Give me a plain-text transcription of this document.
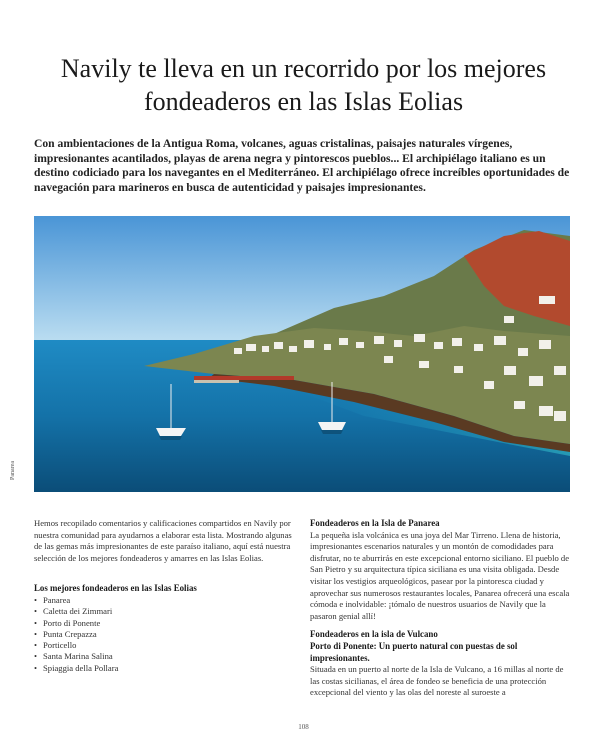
Navily te lleva en un recorrido por los mejores
fondeaderos en las Islas Eolias

Con ambientaciones de la Antigua Roma, volcanes, aguas cristalinas, paisajes naturales vírgenes, impresionantes acantilados, playas de arena negra y pintorescos pueblos... El archipiélago italiano es un destino codiciado para los navegantes en el Mediterráneo. El archipiélago ofrece increíbles oportunidades de navegación para marineros en busca de autenticidad y paisajes impresionantes.

Panarea

Hemos recopilado comentarios y calificaciones compartidos en Navily por nuestra comunidad para ayudarnos a elaborar esta lista. Mostrando algunas de las gemas más impresionantes de este paraíso italiano, aquí está nuestra selección de los mejores fondeaderos y amarres en las Islas Eolias.

Los mejores fondeaderos en las Islas Eolias

• Panarea
• Caletta dei Zimmari
• Porto di Ponente
• Punta Crepazza
• Porticello
• Santa Marina Salina
• Spiaggia della Pollara

Fondeaderos en la Isla de Panarea

La pequeña isla volcánica es una joya del Mar Tirreno. Llena de historia, impresionantes escenarios naturales y un montón de comodidades para disfrutar, no te aburrirás en este excepcional entorno siciliano. El pueblo de San Pietro y su arquitectura típica siciliana es una visita obligada. Desde visitar los vestigios arqueológicos, pasear por la pintoresca ciudad y aprovechar sus numerosos restaurantes locales, Panarea ofrecerá una escala cómoda e inolvidable: ¡tómalo de nuestros usuarios de Navily que la pasaron genial allí!

Fondeaderos en la isla de Vulcano

Porto di Ponente: Un puerto natural con puestas de sol impresionantes.

Situada en un puerto al norte de la Isla de Vulcano, a 16 millas al norte de las costas sicilianas, el área de fondeo se beneficia de una protección excepcional del viento y las olas del noreste al suroeste a

108
